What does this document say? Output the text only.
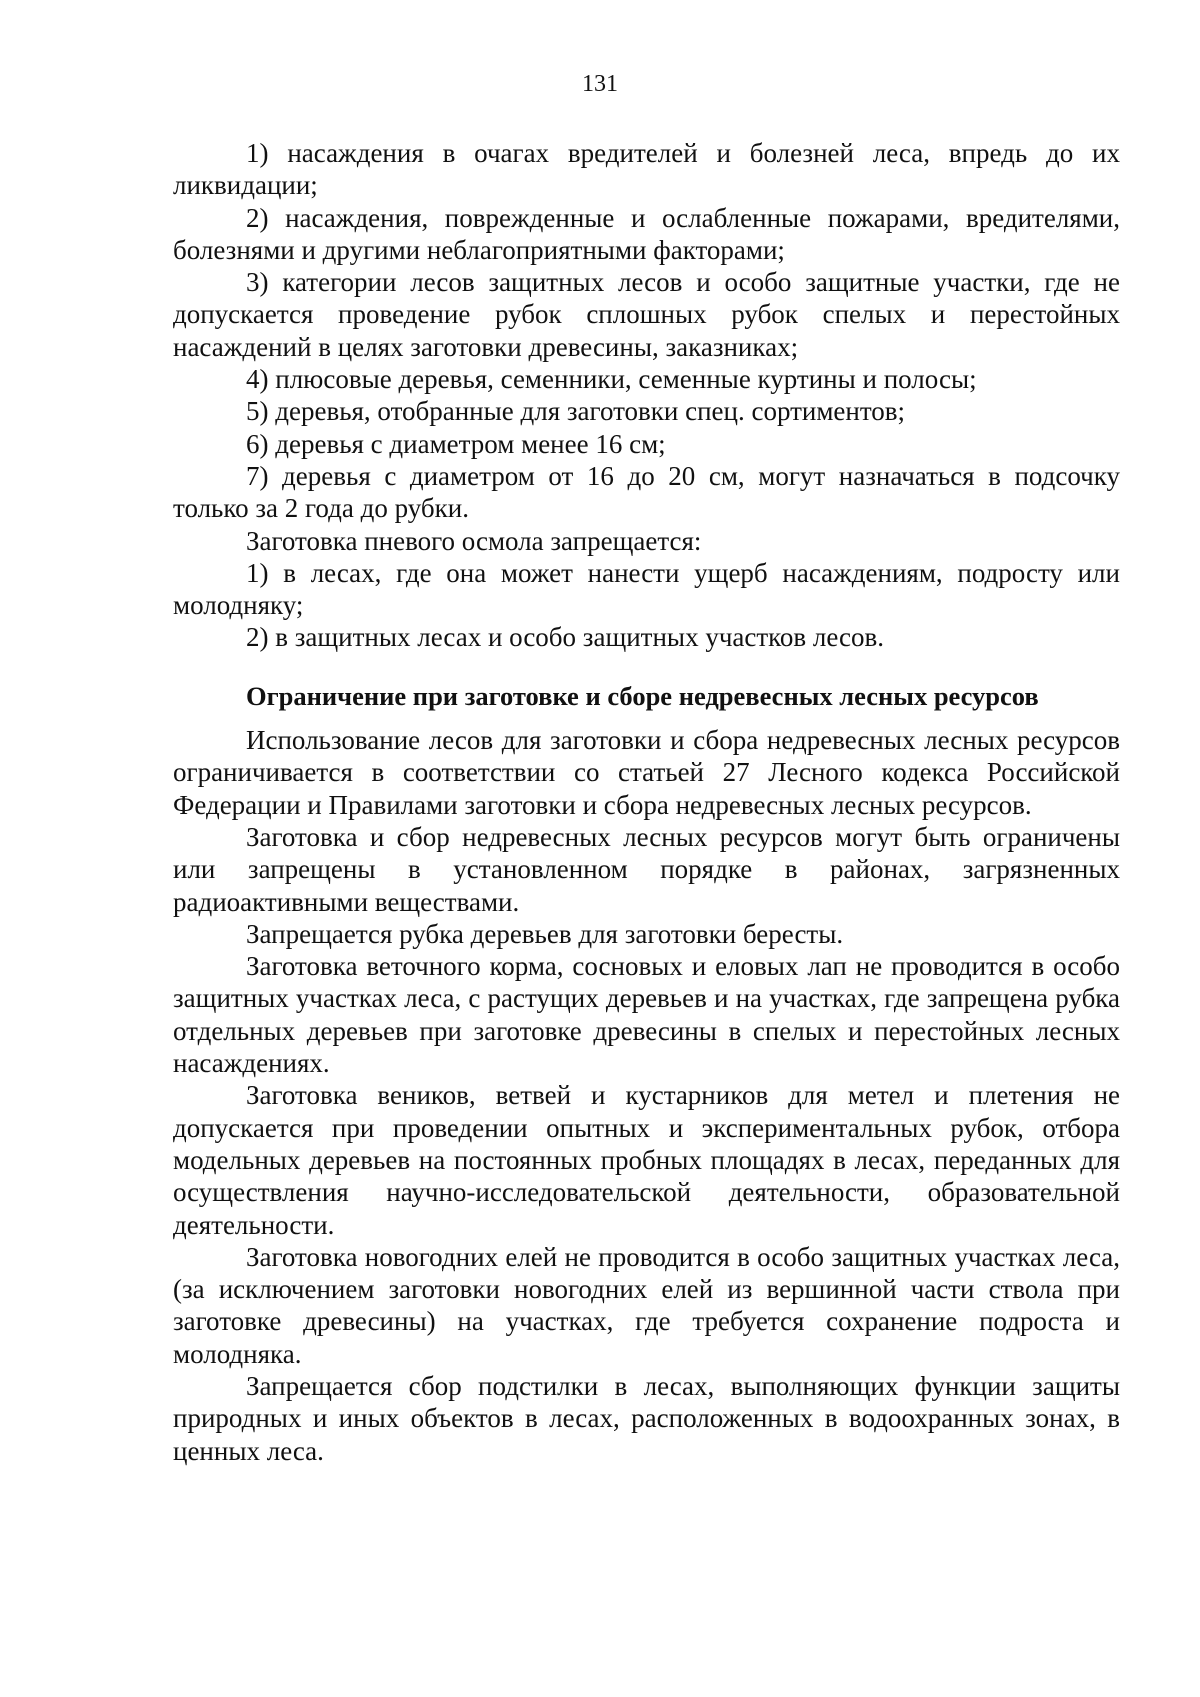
131

1) насаждения в очагах вредителей и болезней леса, впредь до их ликвидации;

2) насаждения, поврежденные и ослабленные пожарами, вредителями, болезнями и другими неблагоприятными факторами;

3) категории лесов защитных лесов и особо защитные участки, где не допускается проведение рубок сплошных рубок спелых и перестойных насаждений в целях заготовки древесины, заказниках;

4) плюсовые деревья, семенники, семенные куртины и полосы;

5) деревья, отобранные для заготовки спец. сортиментов;

6) деревья с диаметром менее 16 см;

7) деревья с диаметром от 16 до 20 см, могут назначаться в подсочку только за 2 года до рубки.

Заготовка пневого осмола запрещается:

1) в лесах, где она может нанести ущерб насаждениям, подросту или молодняку;

2) в защитных лесах и особо защитных участков лесов.

Ограничение при заготовке и сборе недревесных лесных ресурсов

Использование лесов для заготовки и сбора недревесных лесных ресурсов ограничивается в соответствии со статьей 27 Лесного кодекса Российской Федерации и Правилами заготовки и сбора недревесных лесных ресурсов.

Заготовка и сбор недревесных лесных ресурсов могут быть ограничены или запрещены в установленном порядке в районах, загрязненных радиоактивными веществами.

Запрещается рубка деревьев для заготовки бересты.

Заготовка веточного корма, сосновых и еловых лап не проводится в особо защитных участках леса, с растущих деревьев и на участках, где запрещена рубка отдельных деревьев при заготовке древесины в спелых и перестойных лесных насаждениях.

Заготовка веников, ветвей и кустарников для метел и плетения не допускается при проведении опытных и экспериментальных рубок, отбора модельных деревьев на постоянных пробных площадях в лесах, переданных для осуществления научно-исследовательской деятельности, образовательной деятельности.

Заготовка новогодних елей не проводится в особо защитных участках леса, (за исключением заготовки новогодних елей из вершинной части ствола при заготовке древесины) на участках, где требуется сохранение подроста и молодняка.

Запрещается сбор подстилки в лесах, выполняющих функции защиты природных и иных объектов в лесах, расположенных в водоохранных зонах, в ценных леса.
